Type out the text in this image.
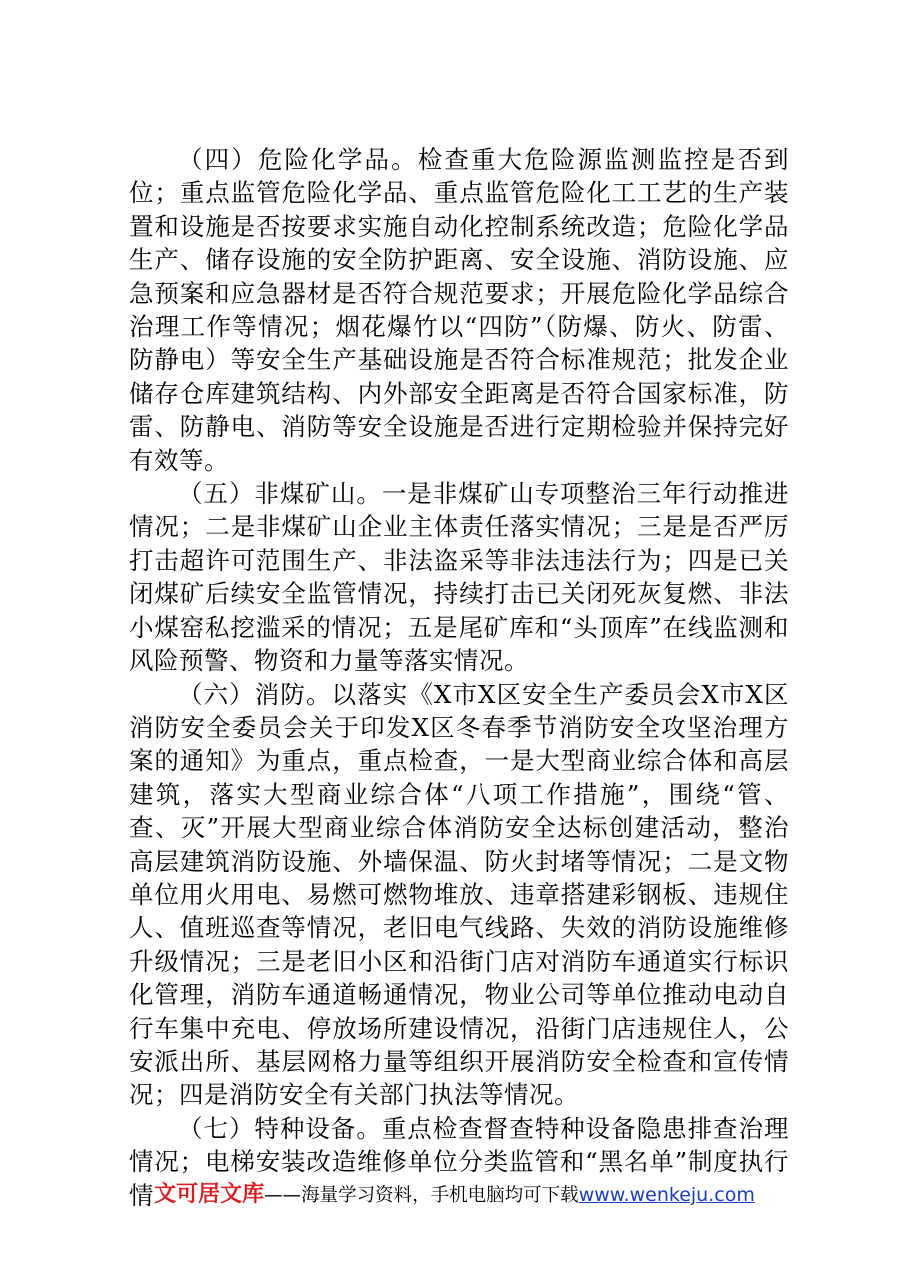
（四）危险化学品。检查重大危险源监测监控是否到位；重点监管危险化学品、重点监管危险化工工艺的生产装置和设施是否按要求实施自动化控制系统改造；危险化学品生产、储存设施的安全防护距离、安全设施、消防设施、应急预案和应急器材是否符合规范要求；开展危险化学品综合治理工作等情况；烟花爆竹以“四防”（防爆、防火、防雷、防静电）等安全生产基础设施是否符合标准规范；批发企业储存仓库建筑结构、内外部安全距离是否符合国家标准，防雷、防静电、消防等安全设施是否进行定期检验并保持完好有效等。

（五）非煤矿山。一是非煤矿山专项整治三年行动推进情况；二是非煤矿山企业主体责任落实情况；三是是否严厉打击超许可范围生产、非法盗采等非法违法行为；四是已关闭煤矿后续安全监管情况，持续打击已关闭死灰复燃、非法小煤窑私挖滥采的情况；五是尾矿库和“头顶库”在线监测和风险预警、物资和力量等落实情况。

（六）消防。以落实《X市X区安全生产委员会X市X区消防安全委员会关于印发X区冬春季节消防安全攻坚治理方案的通知》为重点，重点检查，一是大型商业综合体和高层建筑，落实大型商业综合体“八项工作措施”，围绕“管、查、灭”开展大型商业综合体消防安全达标创建活动，整治高层建筑消防设施、外墙保温、防火封堵等情况；二是文物单位用火用电、易燃可燃物堆放、违章搭建彩钢板、违规住人、值班巡查等情况，老旧电气线路、失效的消防设施维修升级情况；三是老旧小区和沿街门店对消防车通道实行标识化管理，消防车通道畅通情况，物业公司等单位推动电动自行车集中充电、停放场所建设情况，沿街门店违规住人，公安派出所、基层网格力量等组织开展消防安全检查和宣传情况；四是消防安全有关部门执法等情况。

（七）特种设备。重点检查督查特种设备隐患排查治理情况；电梯安装改造维修单位分类监管和“黑名单”制度执行情 文可居文库——海量学习资料，手机电脑均可下载www.wenkeju.com
